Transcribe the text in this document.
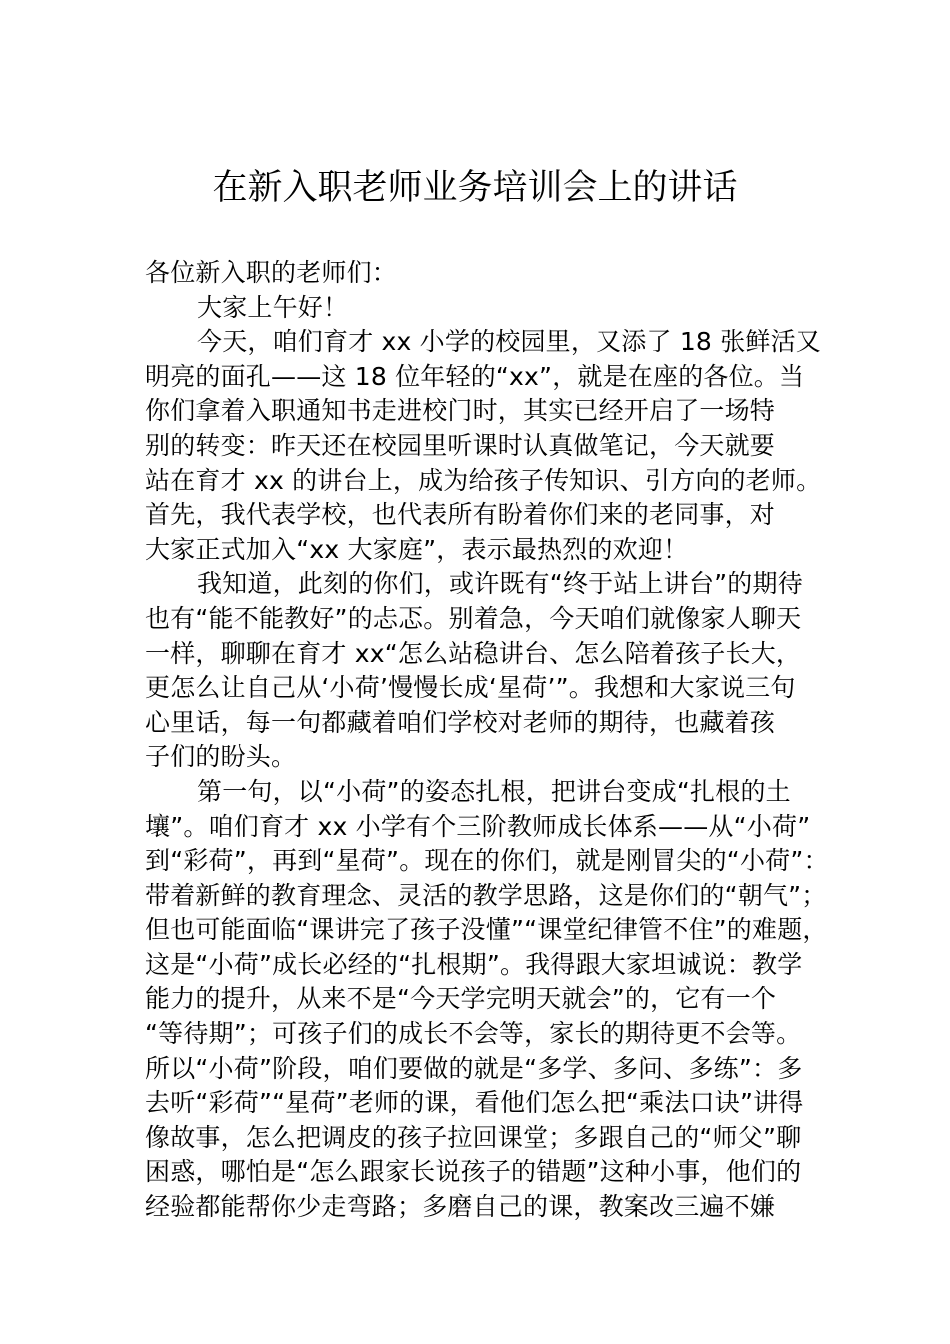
在新入职老师业务培训会上的讲话
各位新入职的老师们：
大家上午好！
今天，咱们育才 xx 小学的校园里，又添了 18 张鲜活又
明亮的面孔——这 18 位年轻的“xx”，就是在座的各位。当
你们拿着入职通知书走进校门时，其实已经开启了一场特
别的转变：昨天还在校园里听课时认真做笔记，今天就要
站在育才 xx 的讲台上，成为给孩子传知识、引方向的老师。
首先，我代表学校，也代表所有盼着你们来的老同事，对
大家正式加入“xx 大家庭”，表示最热烈的欢迎！
我知道，此刻的你们，或许既有“终于站上讲台”的期待
也有“能不能教好”的忐忑。别着急，今天咱们就像家人聊天
一样，聊聊在育才 xx“怎么站稳讲台、怎么陪着孩子长大，
更怎么让自己从‘小荷’慢慢长成‘星荷’”。我想和大家说三句
心里话，每一句都藏着咱们学校对老师的期待，也藏着孩
子们的盼头。
第一句，以“小荷”的姿态扎根，把讲台变成“扎根的土
壤”。咱们育才 xx 小学有个三阶教师成长体系——从“小荷”
到“彩荷”，再到“星荷”。现在的你们，就是刚冒尖的“小荷”：
带着新鲜的教育理念、灵活的教学思路，这是你们的“朝气”；
但也可能面临“课讲完了孩子没懂”“课堂纪律管不住”的难题，
这是“小荷”成长必经的“扎根期”。我得跟大家坦诚说：教学
能力的提升，从来不是“今天学完明天就会”的，它有一个
“等待期”；可孩子们的成长不会等，家长的期待更不会等。
所以“小荷”阶段，咱们要做的就是“多学、多问、多练”：多
去听“彩荷”“星荷”老师的课，看他们怎么把“乘法口诀”讲得
像故事，怎么把调皮的孩子拉回课堂；多跟自己的“师父”聊
困惑，哪怕是“怎么跟家长说孩子的错题”这种小事，他们的
经验都能帮你少走弯路；多磨自己的课，教案改三遍不嫌
